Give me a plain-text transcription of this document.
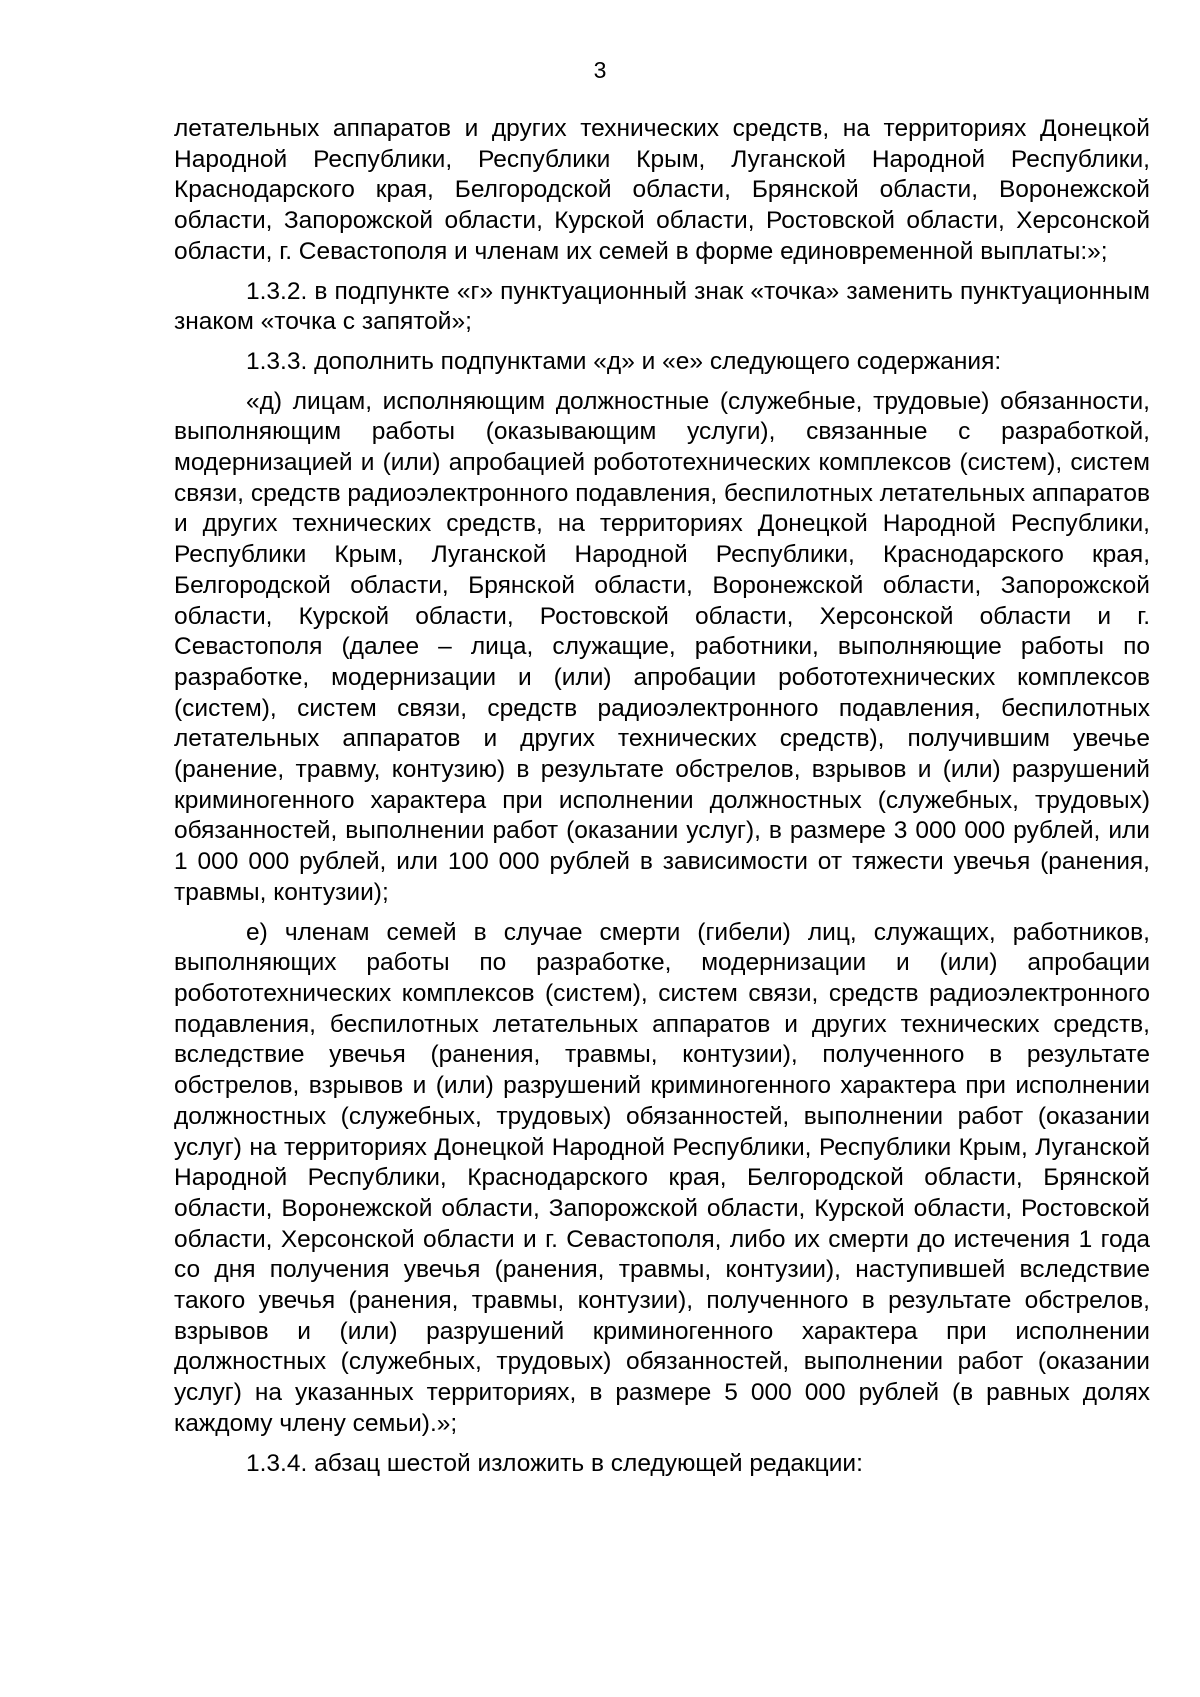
3

летательных аппаратов и других технических средств, на территориях Донецкой Народной Республики, Республики Крым, Луганской Народной Республики, Краснодарского края, Белгородской области, Брянской области, Воронежской области, Запорожской области, Курской области, Ростовской области, Херсонской области, г. Севастополя и членам их семей в форме единовременной выплаты:»;

1.3.2. в подпункте «г» пунктуационный знак «точка» заменить пунктуационным знаком «точка с запятой»;

1.3.3. дополнить подпунктами «д» и «е» следующего содержания:

«д) лицам, исполняющим должностные (служебные, трудовые) обязанности, выполняющим работы (оказывающим услуги), связанные с разработкой, модернизацией и (или) апробацией робототехнических комплексов (систем), систем связи, средств радиоэлектронного подавления, беспилотных летательных аппаратов и других технических средств, на территориях Донецкой Народной Республики, Республики Крым, Луганской Народной Республики, Краснодарского края, Белгородской области, Брянской области, Воронежской области, Запорожской области, Курской области, Ростовской области, Херсонской области и г. Севастополя (далее – лица, служащие, работники, выполняющие работы по разработке, модернизации и (или) апробации робототехнических комплексов (систем), систем связи, средств радиоэлектронного подавления, беспилотных летательных аппаратов и других технических средств), получившим увечье (ранение, травму, контузию) в результате обстрелов, взрывов и (или) разрушений криминогенного характера при исполнении должностных (служебных, трудовых) обязанностей, выполнении работ (оказании услуг), в размере 3 000 000 рублей, или 1 000 000 рублей, или 100 000 рублей в зависимости от тяжести увечья (ранения, травмы, контузии);

е) членам семей в случае смерти (гибели) лиц, служащих, работников, выполняющих работы по разработке, модернизации и (или) апробации робототехнических комплексов (систем), систем связи, средств радиоэлектронного подавления, беспилотных летательных аппаратов и других технических средств, вследствие увечья (ранения, травмы, контузии), полученного в результате обстрелов, взрывов и (или) разрушений криминогенного характера при исполнении должностных (служебных, трудовых) обязанностей, выполнении работ (оказании услуг) на территориях Донецкой Народной Республики, Республики Крым, Луганской Народной Республики, Краснодарского края, Белгородской области, Брянской области, Воронежской области, Запорожской области, Курской области, Ростовской области, Херсонской области и г. Севастополя, либо их смерти до истечения 1 года со дня получения увечья (ранения, травмы, контузии), наступившей вследствие такого увечья (ранения, травмы, контузии), полученного в результате обстрелов, взрывов и (или) разрушений криминогенного характера при исполнении должностных (служебных, трудовых) обязанностей, выполнении работ (оказании услуг) на указанных территориях, в размере 5 000 000 рублей (в равных долях каждому члену семьи).»;

1.3.4. абзац шестой изложить в следующей редакции:
